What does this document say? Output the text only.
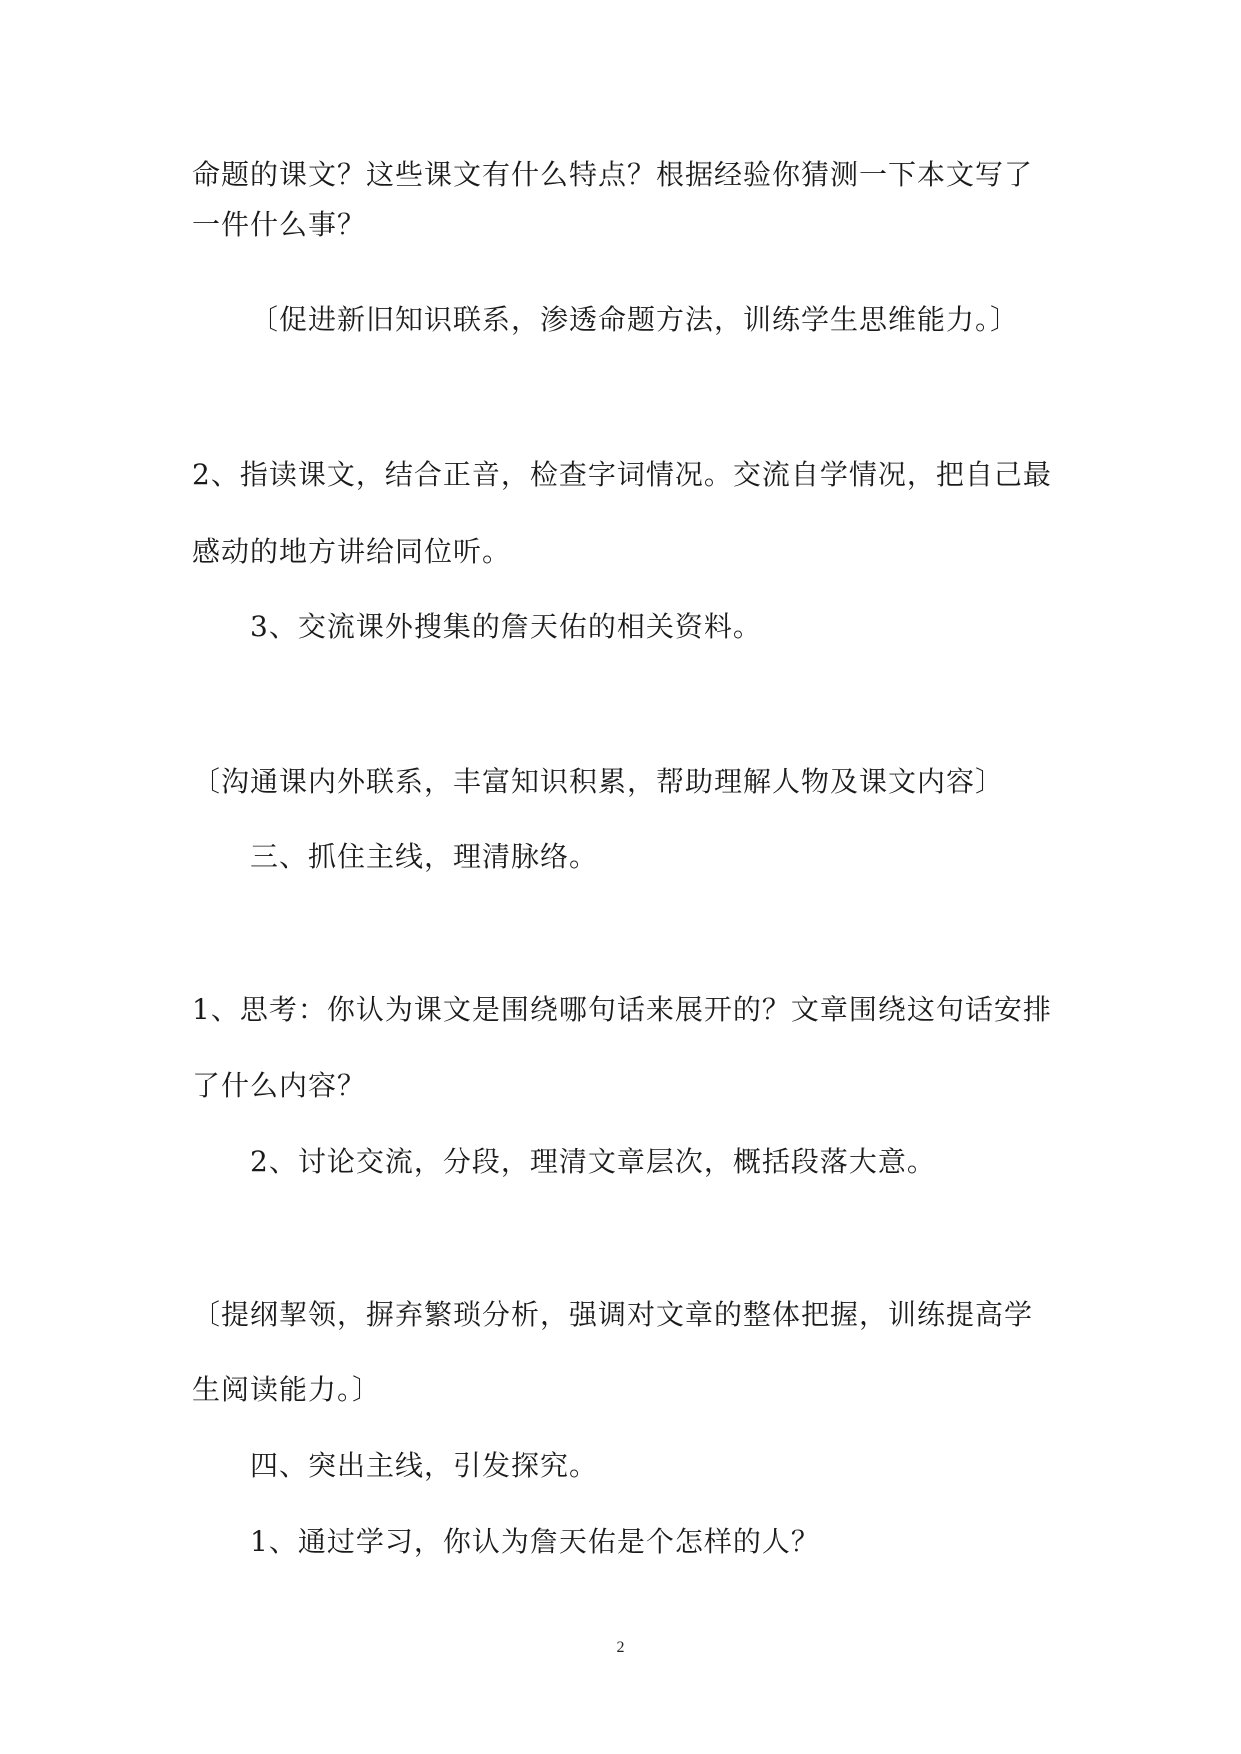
命题的课文？这些课文有什么特点？根据经验你猜测一下本文写了
一件什么事？
〔促进新旧知识联系，渗透命题方法，训练学生思维能力。〕
2、指读课文，结合正音，检查字词情况。交流自学情况，把自己最
感动的地方讲给同位听。
3、交流课外搜集的詹天佑的相关资料。
〔沟通课内外联系，丰富知识积累，帮助理解人物及课文内容〕
三、抓住主线，理清脉络。
1、思考：你认为课文是围绕哪句话来展开的？文章围绕这句话安排
了什么内容？
2、讨论交流，分段，理清文章层次，概括段落大意。
〔提纲挈领，摒弃繁琐分析，强调对文章的整体把握，训练提高学
生阅读能力。〕
四、突出主线，引发探究。
1、通过学习，你认为詹天佑是个怎样的人？
2
